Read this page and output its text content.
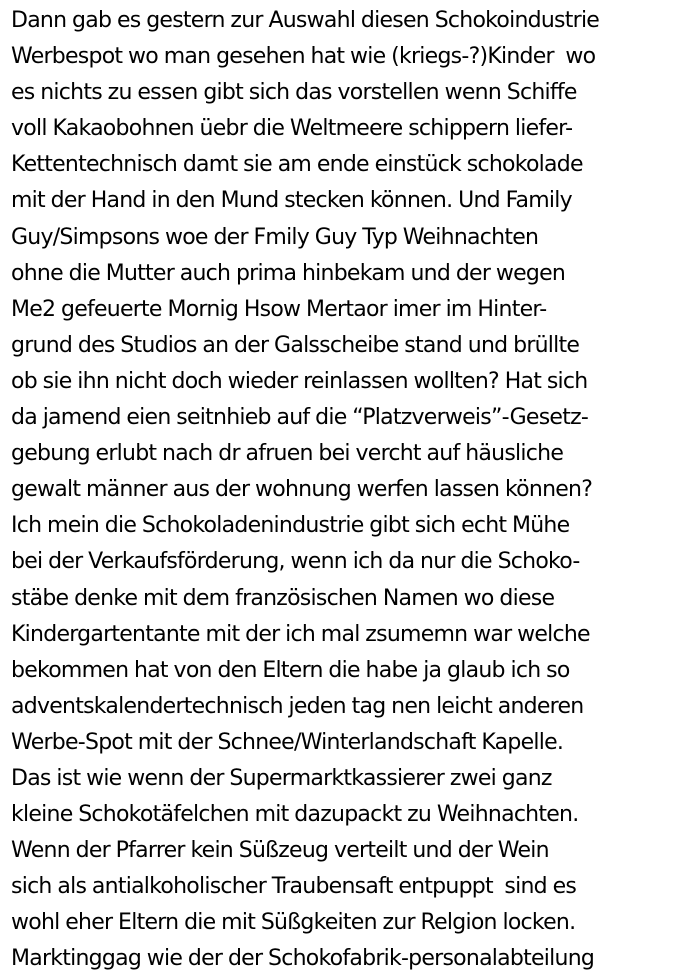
Dann gab es gestern zur Auswahl diesen Schokoindustrie
Werbespot wo man gesehen hat wie (kriegs-?)Kinder  wo
es nichts zu essen gibt sich das vorstellen wenn Schiffe
voll Kakaobohnen üebr die Weltmeere schippern liefer-
Kettentechnisch damt sie am ende einstück schokolade
mit der Hand in den Mund stecken können. Und Family
Guy/Simpsons woe der Fmily Guy Typ Weihnachten
ohne die Mutter auch prima hinbekam und der wegen
Me2 gefeuerte Mornig Hsow Mertaor imer im Hinter-
grund des Studios an der Galsscheibe stand und brüllte
ob sie ihn nicht doch wieder reinlassen wollten? Hat sich
da jamend eien seitnhieb auf die “Platzverweis”-Gesetz-
gebung erlubt nach dr afruen bei vercht auf häusliche
gewalt männer aus der wohnung werfen lassen können?
Ich mein die Schokoladenindustrie gibt sich echt Mühe
bei der Verkaufsförderung, wenn ich da nur die Schoko-
stäbe denke mit dem französischen Namen wo diese
Kindergartentante mit der ich mal zsumemn war welche
bekommen hat von den Eltern die habe ja glaub ich so
adventskalendertechnisch jeden tag nen leicht anderen
Werbe-Spot mit der Schnee/Winterlandschaft Kapelle.
Das ist wie wenn der Supermarktkassierer zwei ganz
kleine Schokotäfelchen mit dazupackt zu Weihnachten.
Wenn der Pfarrer kein Süßzeug verteilt und der Wein
sich als antialkoholischer Traubensaft entpuppt  sind es
wohl eher Eltern die mit Süßgkeiten zur Relgion locken.
Marktinggag wie der der Schokofabrik-personalabteilung
